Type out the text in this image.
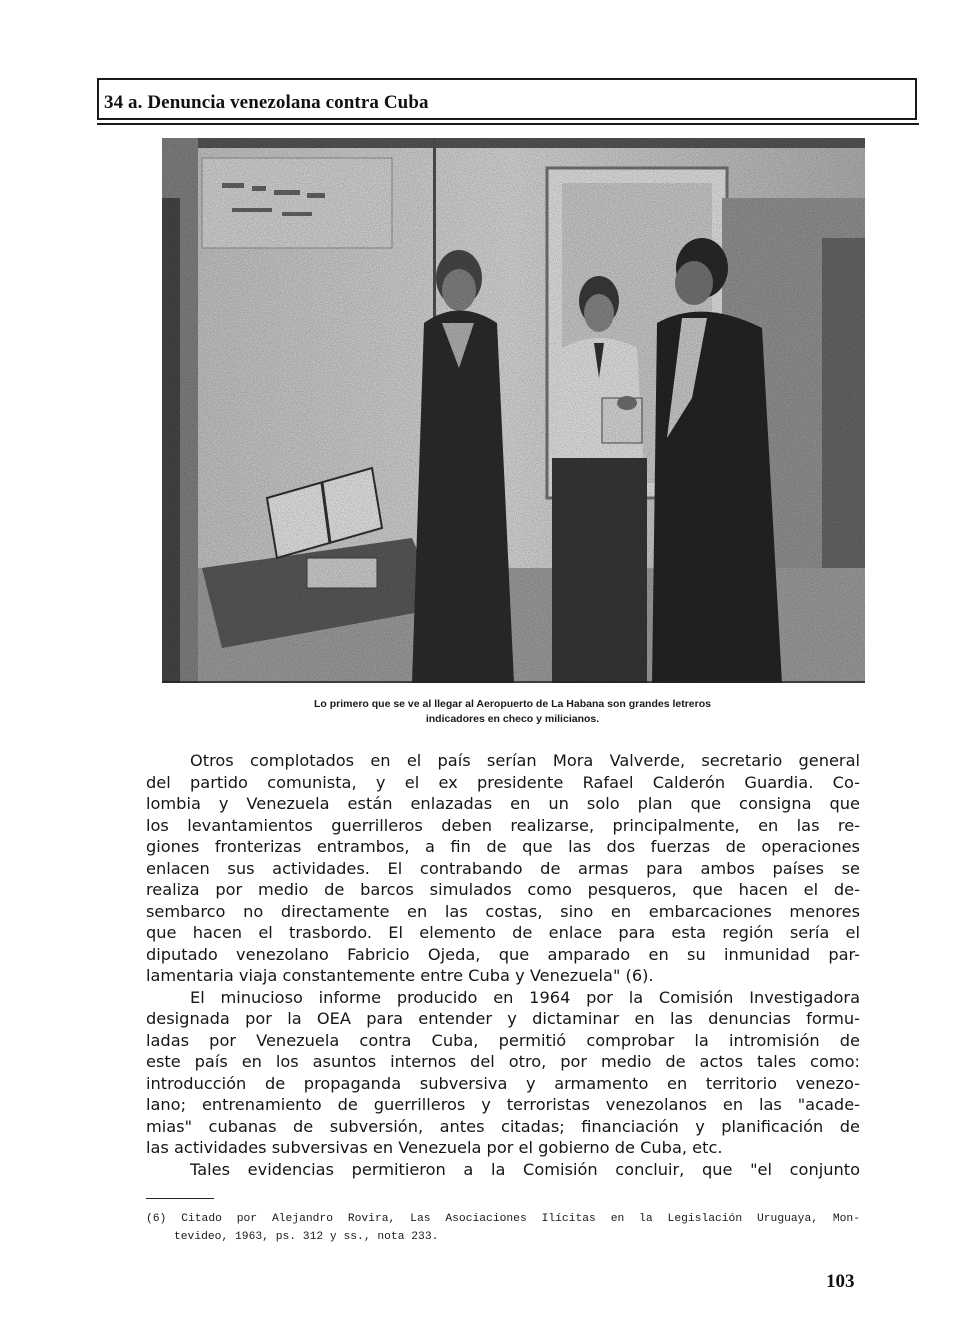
34 a. Denuncia venezolana contra Cuba
Lo primero que se ve al llegar al Aeropuerto de La Habana son grandes letreros
indicadores en checo y milicianos.
Otros complotados en el país serían Mora Valverde, secretario general
del partido comunista, y el ex presidente Rafael Calderón Guardia. Co-
lombia y Venezuela están enlazadas en un solo plan que consigna que
los levantamientos guerrilleros deben realizarse, principalmente, en las re-
giones fronterizas entrambos, a fin de que las dos fuerzas de operaciones
enlacen sus actividades. El contrabando de armas para ambos países se
realiza por medio de barcos simulados como pesqueros, que hacen el de-
sembarco no directamente en las costas, sino en embarcaciones menores
que hacen el trasbordo. El elemento de enlace para esta región sería el
diputado venezolano Fabricio Ojeda, que amparado en su inmunidad par-
lamentaria viaja constantemente entre Cuba y Venezuela" (6).
El minucioso informe producido en 1964 por la Comisión Investigadora
designada por la OEA para entender y dictaminar en las denuncias formu-
ladas por Venezuela contra Cuba, permitió comprobar la intromisión de
este país en los asuntos internos del otro, por medio de actos tales como:
introducción de propaganda subversiva y armamento en territorio venezo-
lano; entrenamiento de guerrilleros y terroristas venezolanos en las "acade-
mias" cubanas de subversión, antes citadas; financiación y planificación de
las actividades subversivas en Venezuela por el gobierno de Cuba, etc.
Tales evidencias permitieron a la Comisión concluir, que "el conjunto
(6) Citado por Alejandro Rovira, Las Asociaciones Ilícitas en la Legislación Uruguaya, Mon-
tevideo, 1963, ps. 312 y ss., nota 233.
103
